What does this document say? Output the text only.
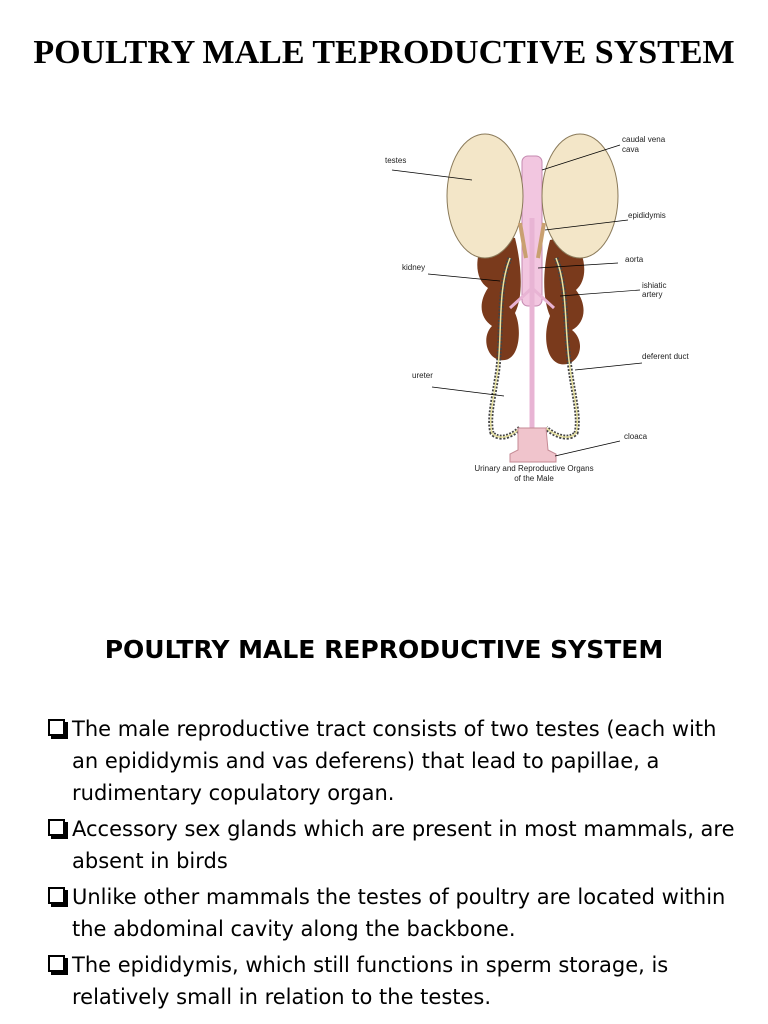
POULTRY MALE TEPRODUCTIVE SYSTEM
testes
caudal vena
cava
epididymis
kidney
aorta
ishiatic
artery
deferent duct
ureter
cloaca
Urinary and Reproductive Organs
of the Male
POULTRY MALE REPRODUCTIVE SYSTEM
The male reproductive tract consists of two testes (each with an epididymis and vas deferens) that lead to papillae, a rudimentary copulatory organ.
Accessory sex glands which are present in most mammals, are absent in birds
Unlike other mammals the testes of poultry are located within the abdominal cavity along the backbone.
The epididymis, which still functions in sperm storage, is relatively small in relation to the testes.
